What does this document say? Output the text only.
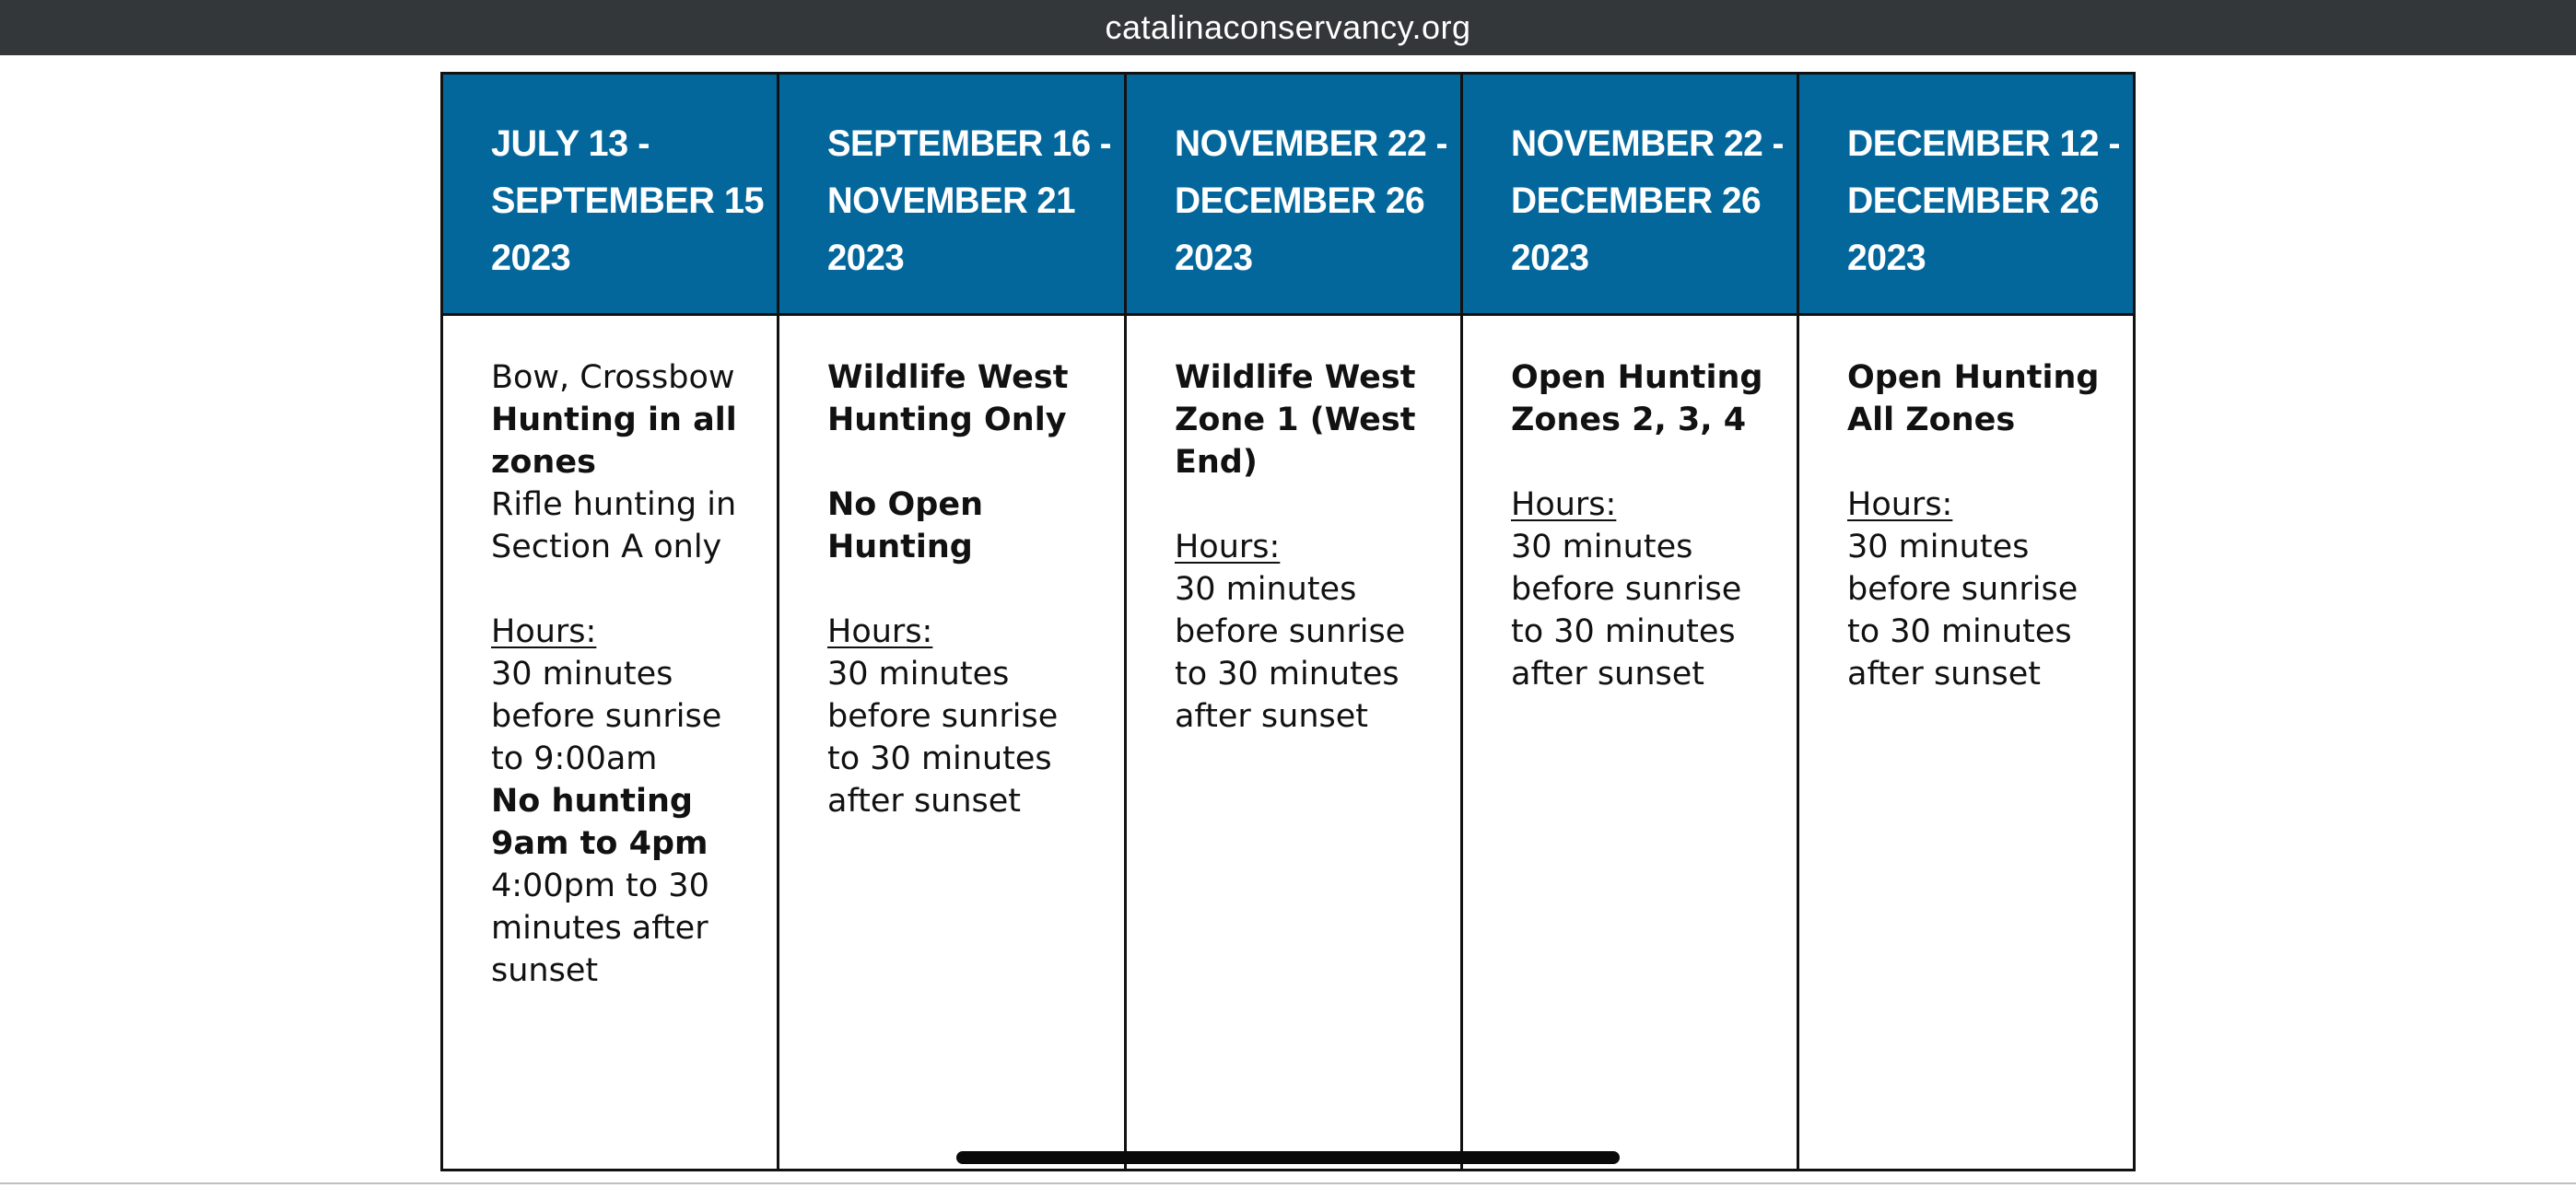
catalinaconservancy.org
JULY 13 -
SEPTEMBER 15
2023
Bow, Crossbow
Hunting in all
zones
Rifle hunting in
Section A only
Hours:
30 minutes
before sunrise
to 9:00am
No hunting
9am to 4pm
4:00pm to 30
minutes after
sunset
SEPTEMBER 16 -
NOVEMBER 21
2023
Wildlife West
Hunting Only
No Open
Hunting
Hours:
30 minutes
before sunrise
to 30 minutes
after sunset
NOVEMBER 22 -
DECEMBER 26
2023
Wildlife West
Zone 1 (West
End)
Hours:
30 minutes
before sunrise
to 30 minutes
after sunset
NOVEMBER 22 -
DECEMBER 26
2023
Open Hunting
Zones 2, 3, 4
Hours:
30 minutes
before sunrise
to 30 minutes
after sunset
DECEMBER 12 -
DECEMBER 26
2023
Open Hunting
All Zones
Hours:
30 minutes
before sunrise
to 30 minutes
after sunset
